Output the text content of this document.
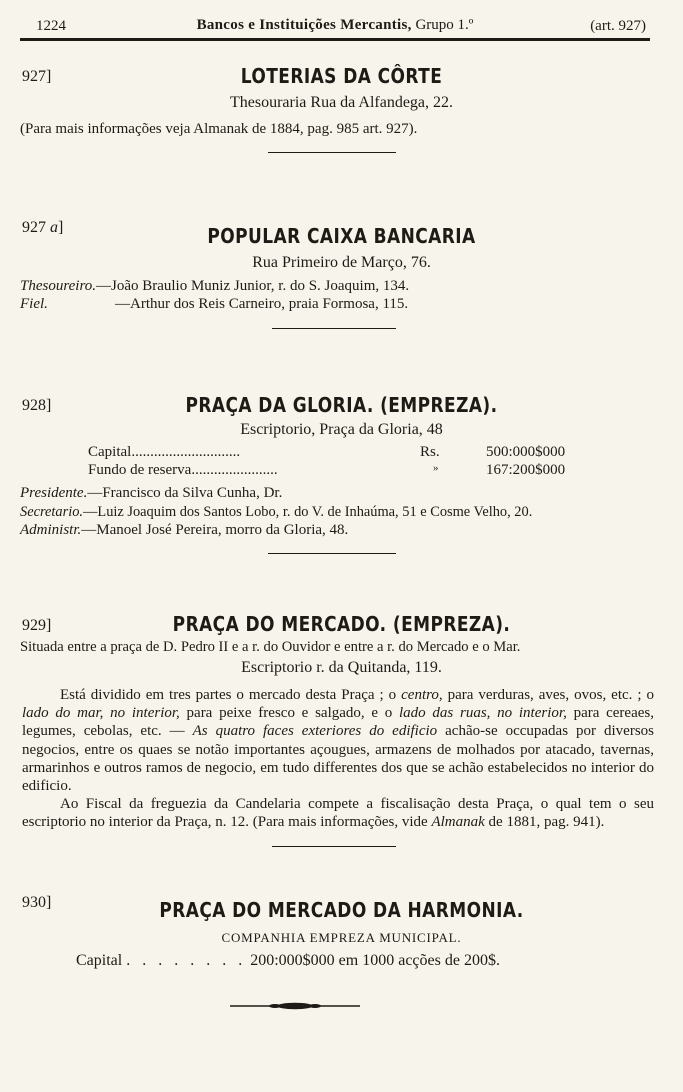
1224	Bancos e Instituições Mercantis, Grupo 1.º	(art. 927)
927]	LOTERIAS DA CÔRTE
Thesouraria Rua da Alfandega, 22.
(Para mais informações veja Almanak de 1884, pag. 985 art. 927).
927 a]	POPULAR CAIXA BANCARIA
Rua Primeiro de Março, 76.
Thesoureiro.—João Braulio Muniz Junior, r. do S. Joaquim, 134.
Fiel.	—Arthur dos Reis Carneiro, praia Formosa, 115.
928]	PRAÇA DA GLORIA. (EMPREZA).
Escriptorio, Praça da Gloria, 48
Capital.............................	Rs.	500:000$000
Fundo de reserva.......................	»	167:200$000
Presidente.—Francisco da Silva Cunha, Dr.
Secretario.—Luiz Joaquim dos Santos Lobo, r. do V. de Inhaúma, 51 e Cosme Velho, 20.
Administr.—Manoel José Pereira, morro da Gloria, 48.
929]	PRAÇA DO MERCADO. (EMPREZA).
Situada entre a praça de D. Pedro II e a r. do Ouvidor e entre a r. do Mercado e o Mar.
Escriptorio r. da Quitanda, 119.

Está dividido em tres partes o mercado desta Praça ; o centro, para verduras, aves, ovos, etc. ; o lado do mar, no interior, para peixe fresco e salgado, e o lado das ruas, no interior, para cereaes, legumes, cebolas, etc. — As quatro faces exteriores do edificio achão-se occupadas por diversos negocios, entre os quaes se notão importantes açougues, armazens de molhados por atacado, tavernas, armarinhos e outros ramos de negocio, em tudo differentes dos que se achão estabelecidos no interior do edificio.

Ao Fiscal da freguezia da Candelaria compete a fiscalisação desta Praça, o qual tem o seu escriptorio no interior da Praça, n. 12. (Para mais informações, vide Almanak de 1881, pag. 941).

930]	PRAÇA DO MERCADO DA HARMONIA.
COMPANHIA EMPREZA MUNICIPAL.
Capital . . . . . . . . 200:000$000 em 1000 acções de 200$.
